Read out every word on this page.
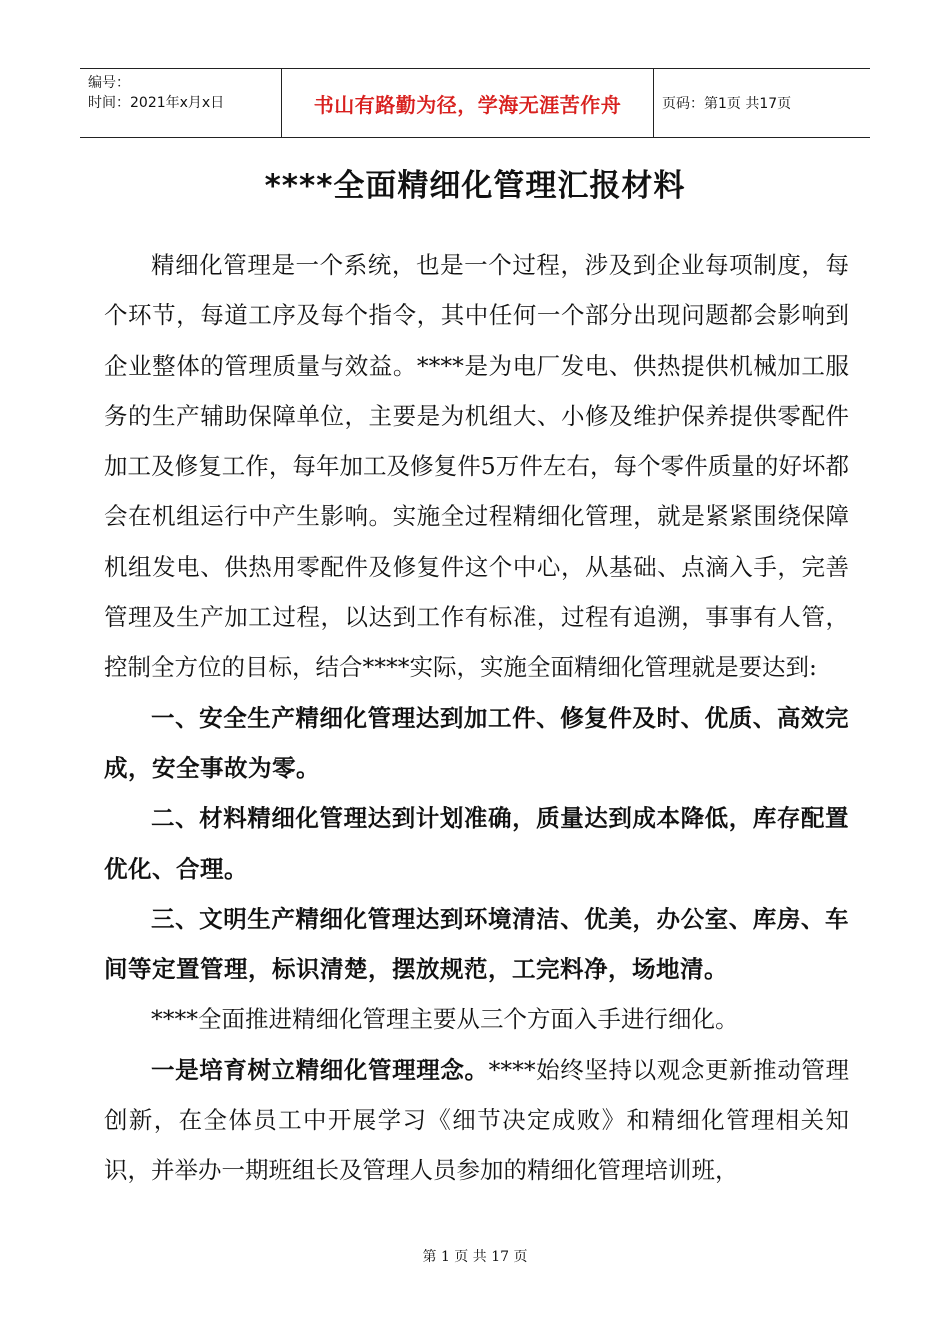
编号：
时间：2021年x月x日	书山有路勤为径，学海无涯苦作舟	页码：第1页 共17页
****全面精细化管理汇报材料

精细化管理是一个系统，也是一个过程，涉及到企业每项制度，每个环节，每道工序及每个指令，其中任何一个部分出现问题都会影响到企业整体的管理质量与效益。****是为电厂发电、供热提供机械加工服务的生产辅助保障单位，主要是为机组大、小修及维护保养提供零配件加工及修复工作，每年加工及修复件5万件左右，每个零件质量的好坏都会在机组运行中产生影响。实施全过程精细化管理，就是紧紧围绕保障机组发电、供热用零配件及修复件这个中心，从基础、点滴入手，完善管理及生产加工过程，以达到工作有标准，过程有追溯，事事有人管，控制全方位的目标，结合****实际，实施全面精细化管理就是要达到:

一、安全生产精细化管理达到加工件、修复件及时、优质、高效完成，安全事故为零。

二、材料精细化管理达到计划准确，质量达到成本降低，库存配置优化、合理。

三、文明生产精细化管理达到环境清洁、优美，办公室、库房、车间等定置管理，标识清楚，摆放规范，工完料净，场地清。

****全面推进精细化管理主要从三个方面入手进行细化。

一是培育树立精细化管理理念。****始终坚持以观念更新推动管理创新，在全体员工中开展学习《细节决定成败》和精细化管理相关知识，并举办一期班组长及管理人员参加的精细化管理培训班，

第 1 页 共 17 页
